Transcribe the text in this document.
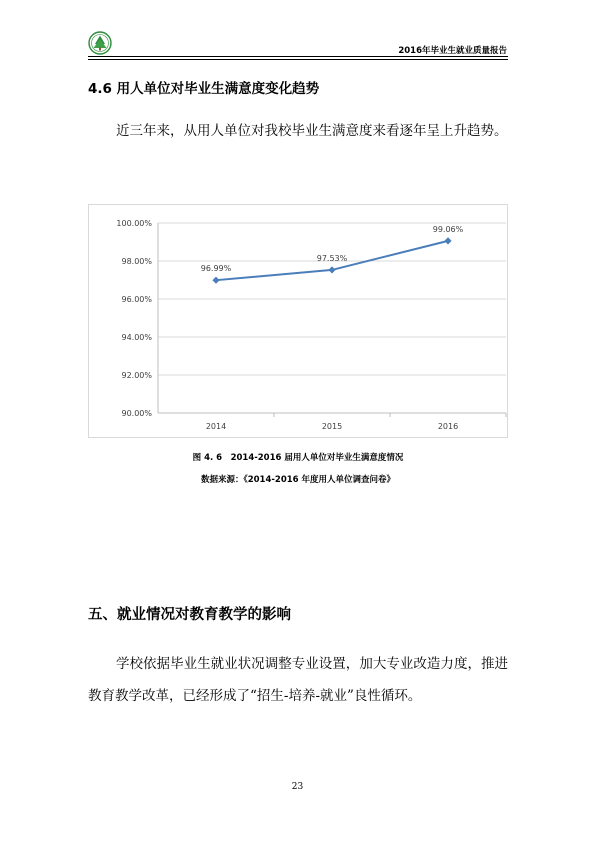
2016年毕业生就业质量报告
4.6 用人单位对毕业生满意度变化趋势
近三年来，从用人单位对我校毕业生满意度来看逐年呈上升趋势。
90.00%
92.00%
94.00%
96.00%
98.00%
100.00%
2014	2015	2016
96.99%
97.53%
99.06%
图 4. 6　2014-2016 届用人单位对毕业生满意度情况
数据来源：《2014-2016 年度用人单位调查问卷》
五、就业情况对教育教学的影响
学校依据毕业生就业状况调整专业设置，加大专业改造力度，推进教育教学改革，已经形成了“招生-培养-就业”良性循环。
23
